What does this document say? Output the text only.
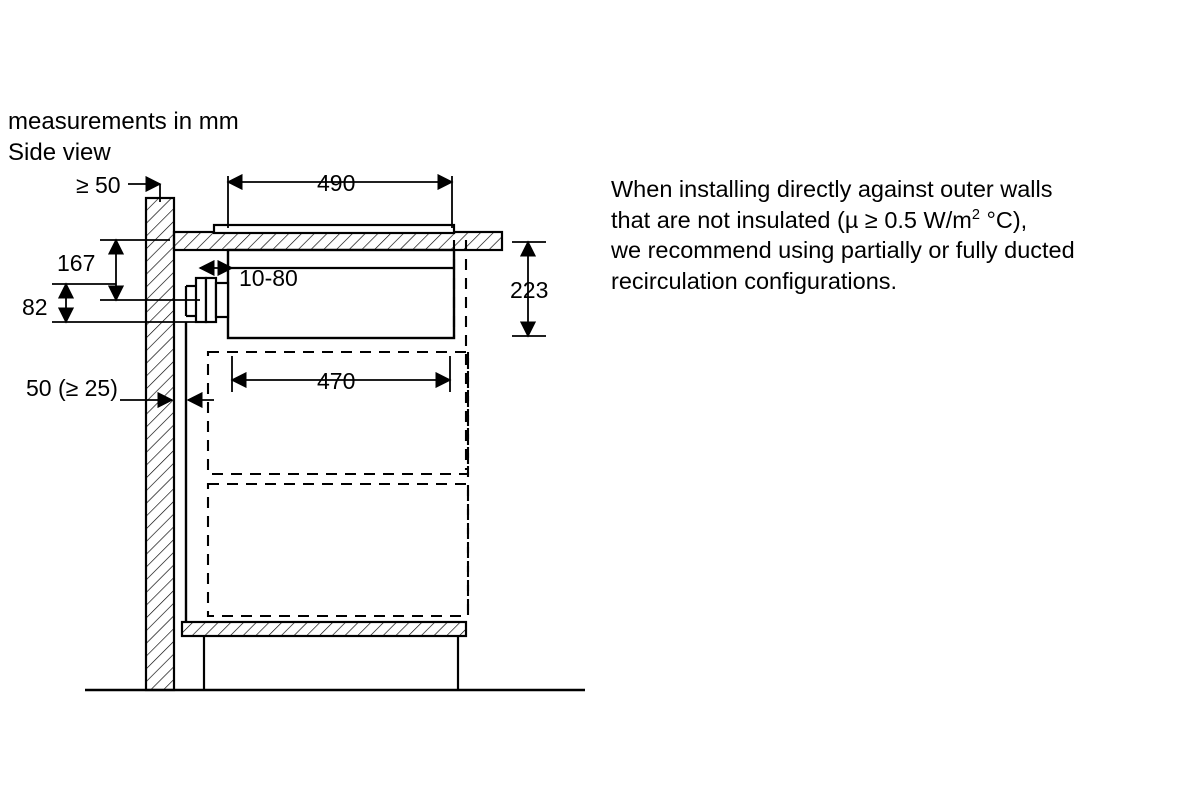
measurements in mm
Side view
≥ 50	490
167
10-80	223
82
50 (≥ 25)	470
When installing directly against outer walls
that are not insulated (µ ≥ 0.5 $W/m^2$ °C),
we recommend using partially or fully ducted
recirculation configurations.
